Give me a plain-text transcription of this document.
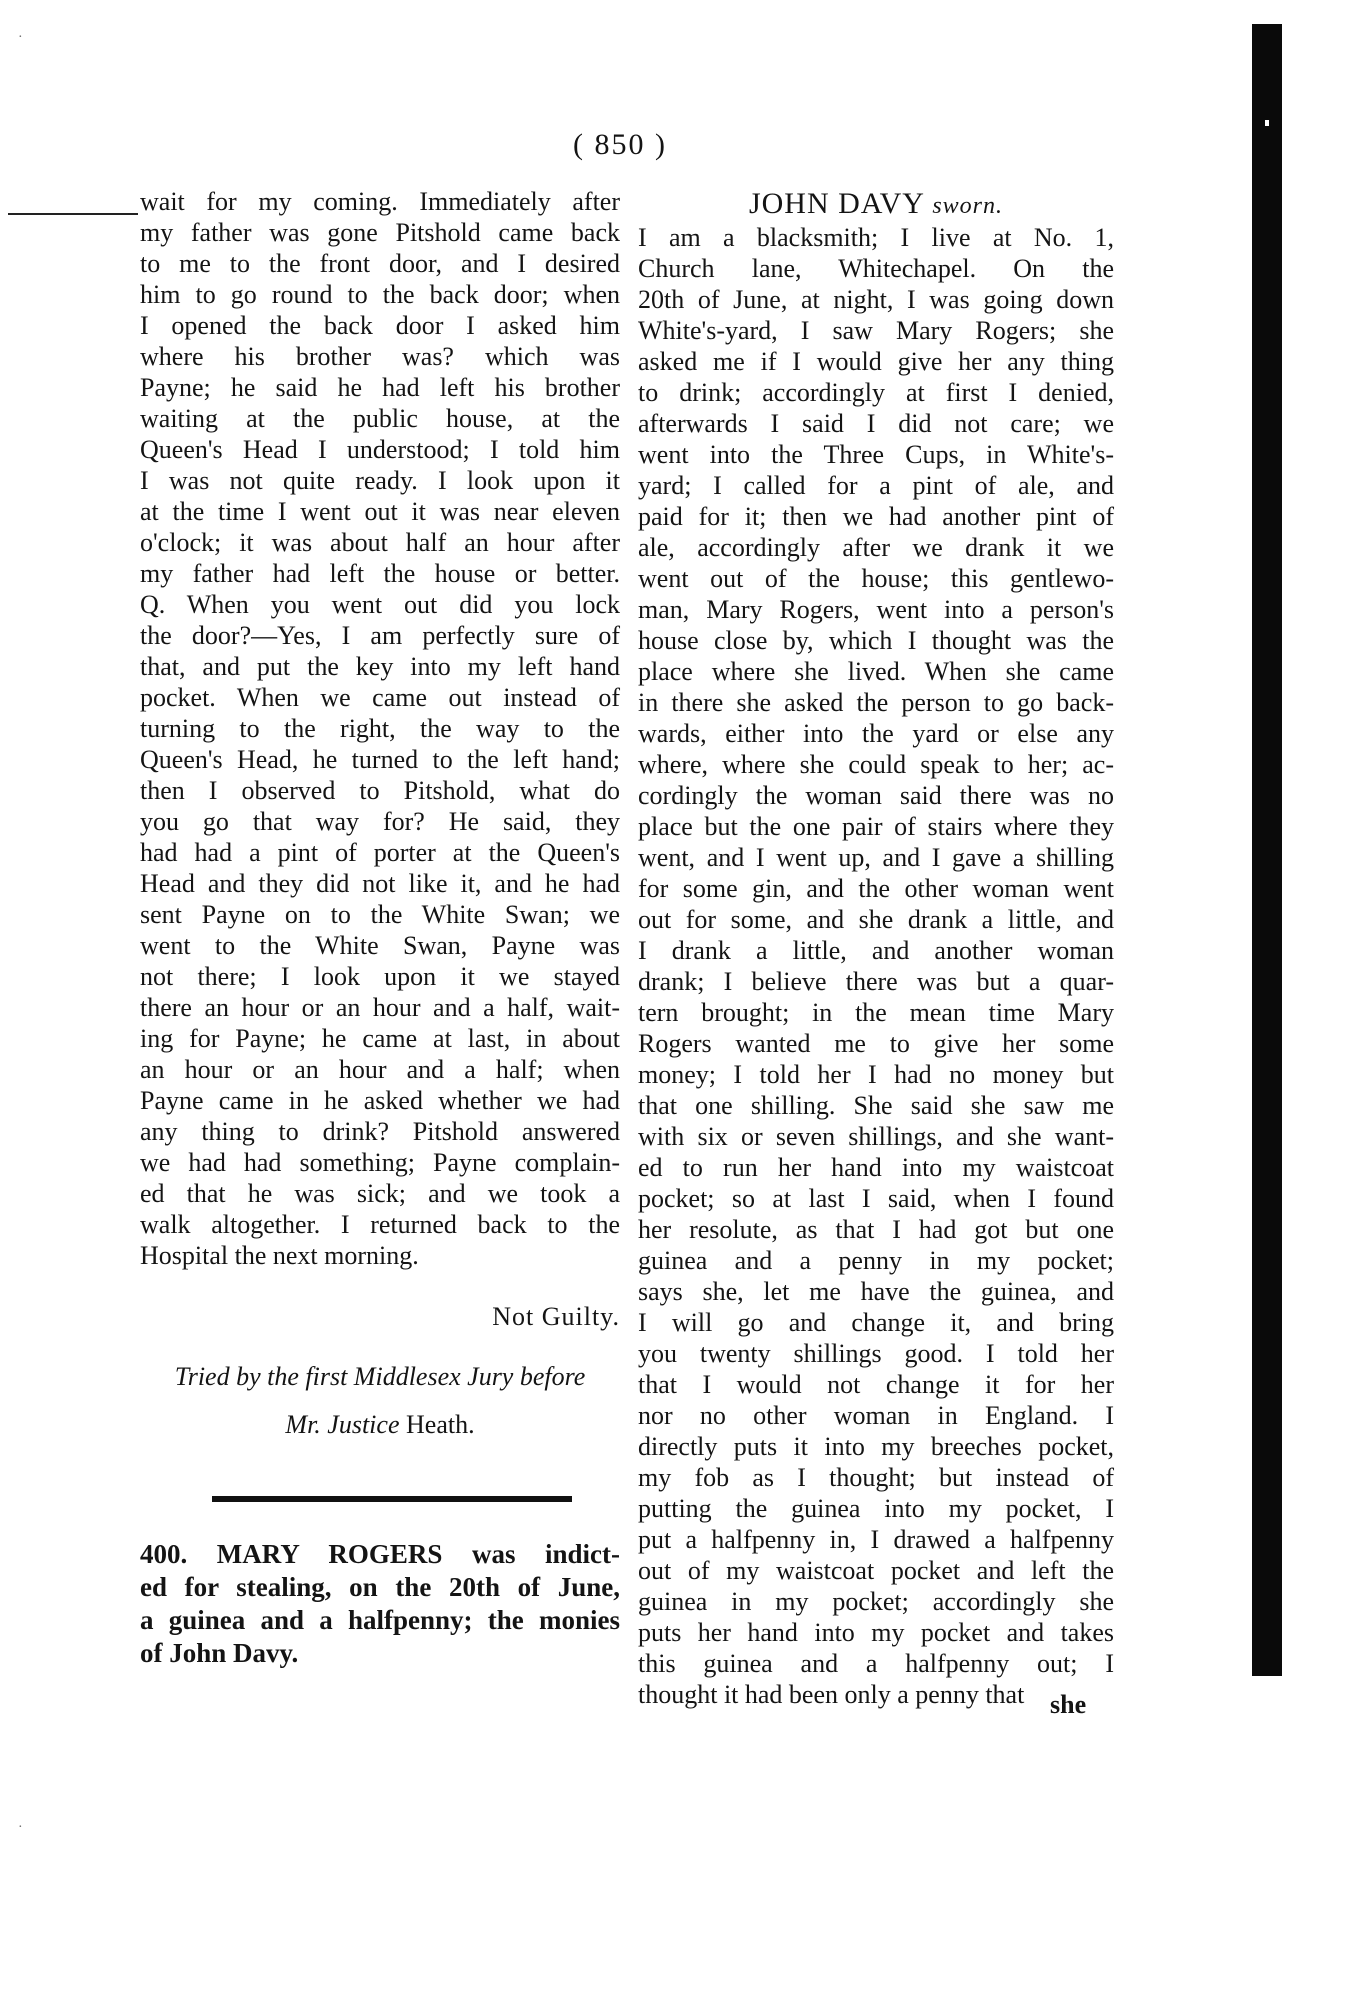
·
·
( 850 )
wait for my coming. Immediately after
my father was gone Pitshold came back
to me to the front door, and I desired
him to go round to the back door; when
I opened the back door I asked him
where his brother was? which was
Payne; he said he had left his brother
waiting at the public house, at the
Queen's Head I understood; I told him
I was not quite ready. I look upon it
at the time I went out it was near eleven
o'clock; it was about half an hour after
my father had left the house or better.
Q. When you went out did you lock
the door?—Yes, I am perfectly sure of
that, and put the key into my left hand
pocket. When we came out instead of
turning to the right, the way to the
Queen's Head, he turned to the left hand;
then I observed to Pitshold, what do
you go that way for? He said, they
had had a pint of porter at the Queen's
Head and they did not like it, and he had
sent Payne on to the White Swan; we
went to the White Swan, Payne was
not there; I look upon it we stayed
there an hour or an hour and a half, wait-
ing for Payne; he came at last, in about
an hour or an hour and a half; when
Payne came in he asked whether we had
any thing to drink? Pitshold answered
we had had something; Payne complain-
ed that he was sick; and we took a
walk altogether. I returned back to the
Hospital the next morning.
Not Guilty.
Tried by the first Middlesex Jury before
Mr. Justice Heath.
400. MARY ROGERS was indict-
ed for stealing, on the 20th of June,
a guinea and a halfpenny; the monies
of John Davy.
JOHN DAVY sworn.
I am a blacksmith; I live at No. 1,
Church lane, Whitechapel. On the
20th of June, at night, I was going down
White's-yard, I saw Mary Rogers; she
asked me if I would give her any thing
to drink; accordingly at first I denied,
afterwards I said I did not care; we
went into the Three Cups, in White's-
yard; I called for a pint of ale, and
paid for it; then we had another pint of
ale, accordingly after we drank it we
went out of the house; this gentlewo-
man, Mary Rogers, went into a person's
house close by, which I thought was the
place where she lived. When she came
in there she asked the person to go back-
wards, either into the yard or else any
where, where she could speak to her; ac-
cordingly the woman said there was no
place but the one pair of stairs where they
went, and I went up, and I gave a shilling
for some gin, and the other woman went
out for some, and she drank a little, and
I drank a little, and another woman
drank; I believe there was but a quar-
tern brought; in the mean time Mary
Rogers wanted me to give her some
money; I told her I had no money but
that one shilling. She said she saw me
with six or seven shillings, and she want-
ed to run her hand into my waistcoat
pocket; so at last I said, when I found
her resolute, as that I had got but one
guinea and a penny in my pocket;
says she, let me have the guinea, and
I will go and change it, and bring
you twenty shillings good. I told her
that I would not change it for her
nor no other woman in England. I
directly puts it into my breeches pocket,
my fob as I thought; but instead of
putting the guinea into my pocket, I
put a halfpenny in, I drawed a halfpenny
out of my waistcoat pocket and left the
guinea in my pocket; accordingly she
puts her hand into my pocket and takes
this guinea and a halfpenny out; I
thought it had been only a penny that she
